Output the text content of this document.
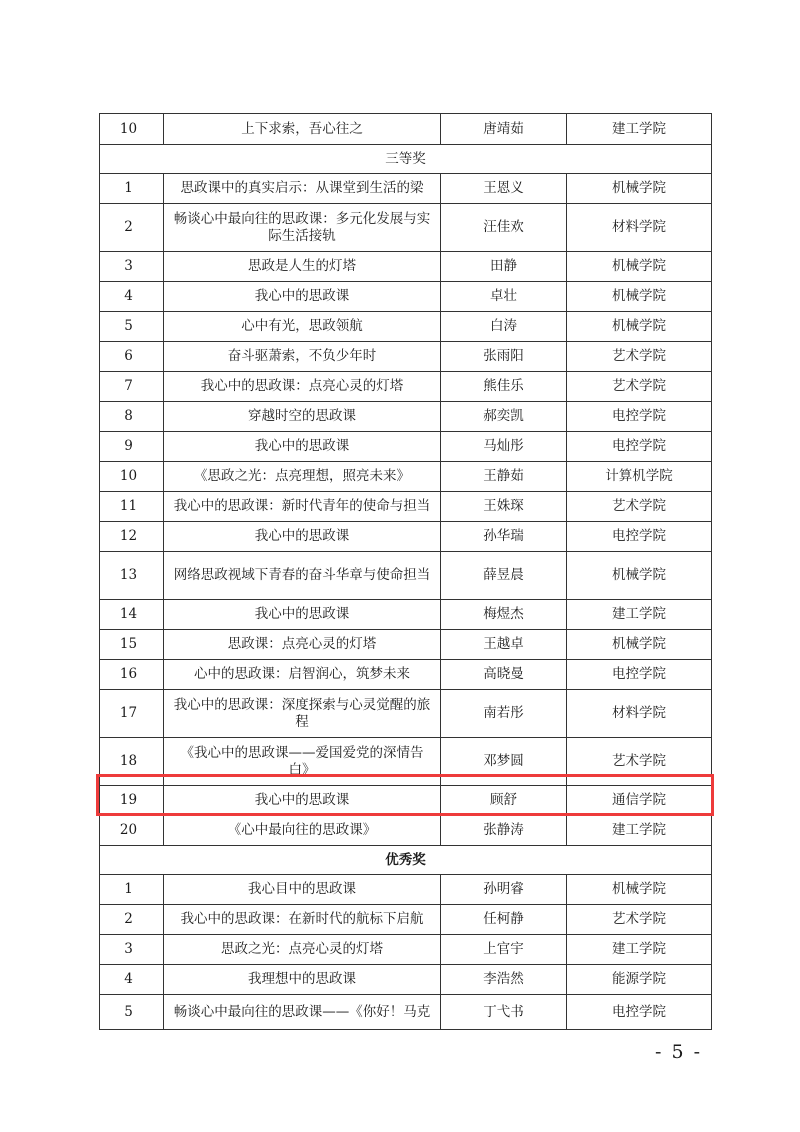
10	上下求索，吾心往之	唐靖茹	建工学院
三等奖			
1	思政课中的真实启示：从课堂到生活的梁	王恩义	机械学院
2	畅谈心中最向往的思政课：多元化发展与实际生活接轨	汪佳欢	材料学院
3	思政是人生的灯塔	田静	机械学院
4	我心中的思政课	卓壮	机械学院
5	心中有光，思政领航	白涛	机械学院
6	奋斗驱萧索，不负少年时	张雨阳	艺术学院
7	我心中的思政课：点亮心灵的灯塔	熊佳乐	艺术学院
8	穿越时空的思政课	郝奕凯	电控学院
9	我心中的思政课	马灿彤	电控学院
10	《思政之光：点亮理想，照亮未来》	王静茹	计算机学院
11	我心中的思政课：新时代青年的使命与担当	王姝琛	艺术学院
12	我心中的思政课	孙华瑞	电控学院
13	网络思政视域下青春的奋斗华章与使命担当	薛昱晨	机械学院
14	我心中的思政课	梅煜杰	建工学院
15	思政课：点亮心灵的灯塔	王越卓	机械学院
16	心中的思政课：启智润心，筑梦未来	高晓曼	电控学院
17	我心中的思政课：深度探索与心灵觉醒的旅程	南若彤	材料学院
18	《我心中的思政课——爱国爱党的深情告白》	邓梦圆	艺术学院
19	我心中的思政课	顾舒	通信学院
20	《心中最向往的思政课》	张静涛	建工学院
优秀奖			
1	我心目中的思政课	孙明睿	机械学院
2	我心中的思政课：在新时代的航标下启航	任柯静	艺术学院
3	思政之光：点亮心灵的灯塔	上官宇	建工学院
4	我理想中的思政课	李浩然	能源学院
5	畅谈心中最向往的思政课——《你好！马克	丁弋书	电控学院
- 5 -
